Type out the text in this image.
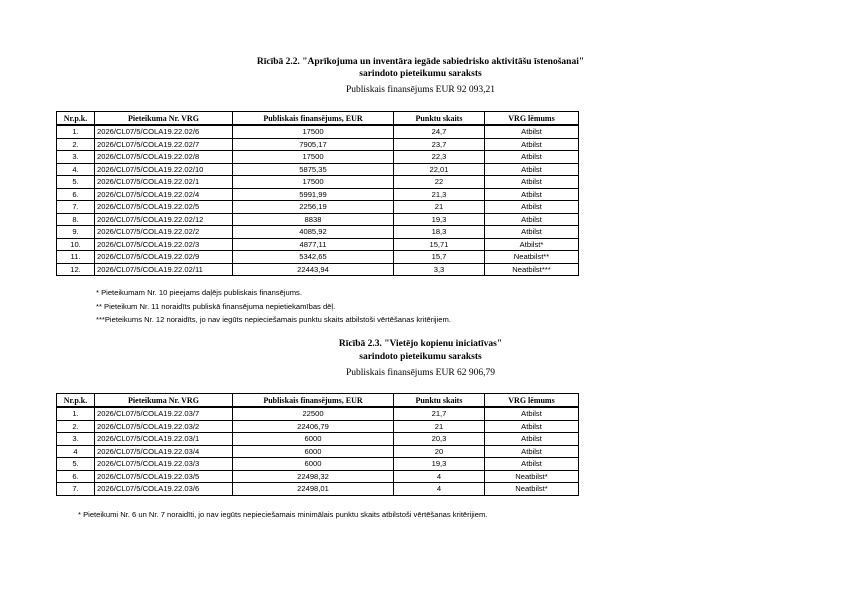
Rīcībā 2.2. "Aprīkojuma un inventāra iegāde sabiedrisko aktivitāšu īstenošanai"
sarindoto pieteikumu saraksts
Publiskais finansējums EUR 92 093,21
Nr.p.k.	Pieteikuma Nr. VRG	Publiskais finansējums, EUR	Punktu skaits	VRG lēmums
1.	2026/CL07/5/COLA19.22.02/6	17500	24,7	Atbilst
2.	2026/CL07/5/COLA19.22.02/7	7905,17	23,7	Atbilst
3.	2026/CL07/5/COLA19.22.02/8	17500	22,3	Atbilst
4.	2026/CL07/5/COLA19.22.02/10	5875,35	22,01	Atbilst
5.	2026/CL07/5/COLA19.22.02/1	17500	22	Atbilst
6.	2026/CL07/5/COLA19.22.02/4	5991,99	21,3	Atbilst
7.	2026/CL07/5/COLA19.22.02/5	2256,19	21	Atbilst
8.	2026/CL07/5/COLA19.22.02/12	8838	19,3	Atbilst
9.	2026/CL07/5/COLA19.22.02/2	4085,92	18,3	Atbilst
10.	2026/CL07/5/COLA19.22.02/3	4877,11	15,71	Atbilst*
11.	2026/CL07/5/COLA19.22.02/9	5342,65	15,7	Neatbilst**
12.	2026/CL07/5/COLA19.22.02/11	22443,94	3,3	Neatbilst***
* Pieteikumam Nr. 10 pieejams daļējs publiskais finansējums.
** Pieteikum Nr. 11 noraidīts publiskā finansējuma nepietiekamības dēļ.
***Pieteikums Nr. 12 noraidīts, jo nav iegūts nepieciešamais punktu skaits atbilstoši vērtēšanas kritērijiem.
Rīcībā 2.3. "Vietējo kopienu iniciatīvas"
sarindoto pieteikumu saraksts
Publiskais finansējums EUR 62 906,79
Nr.p.k.	Pieteikuma Nr. VRG	Publiskais finansējums, EUR	Punktu skaits	VRG lēmums
1.	2026/CL07/5/COLA19.22.03/7	22500	21,7	Atbilst
2.	2026/CL07/5/COLA19.22.03/2	22406,79	21	Atbilst
3.	2026/CL07/5/COLA19.22.03/1	6000	20,3	Atbilst
4	2026/CL07/5/COLA19.22.03/4	6000	20	Atbilst
5.	2026/CL07/5/COLA19.22.03/3	6000	19,3	Atbilst
6.	2026/CL07/5/COLA19.22.03/5	22498,32	4	Neatbilst*
7.	2026/CL07/5/COLA19.22.03/6	22498,01	4	Neatbilst*
* Pieteikumi Nr. 6 un Nr. 7 noraidīti, jo nav iegūts nepieciešamais minimālais punktu skaits atbilstoši vērtēšanas kritērijiem.
